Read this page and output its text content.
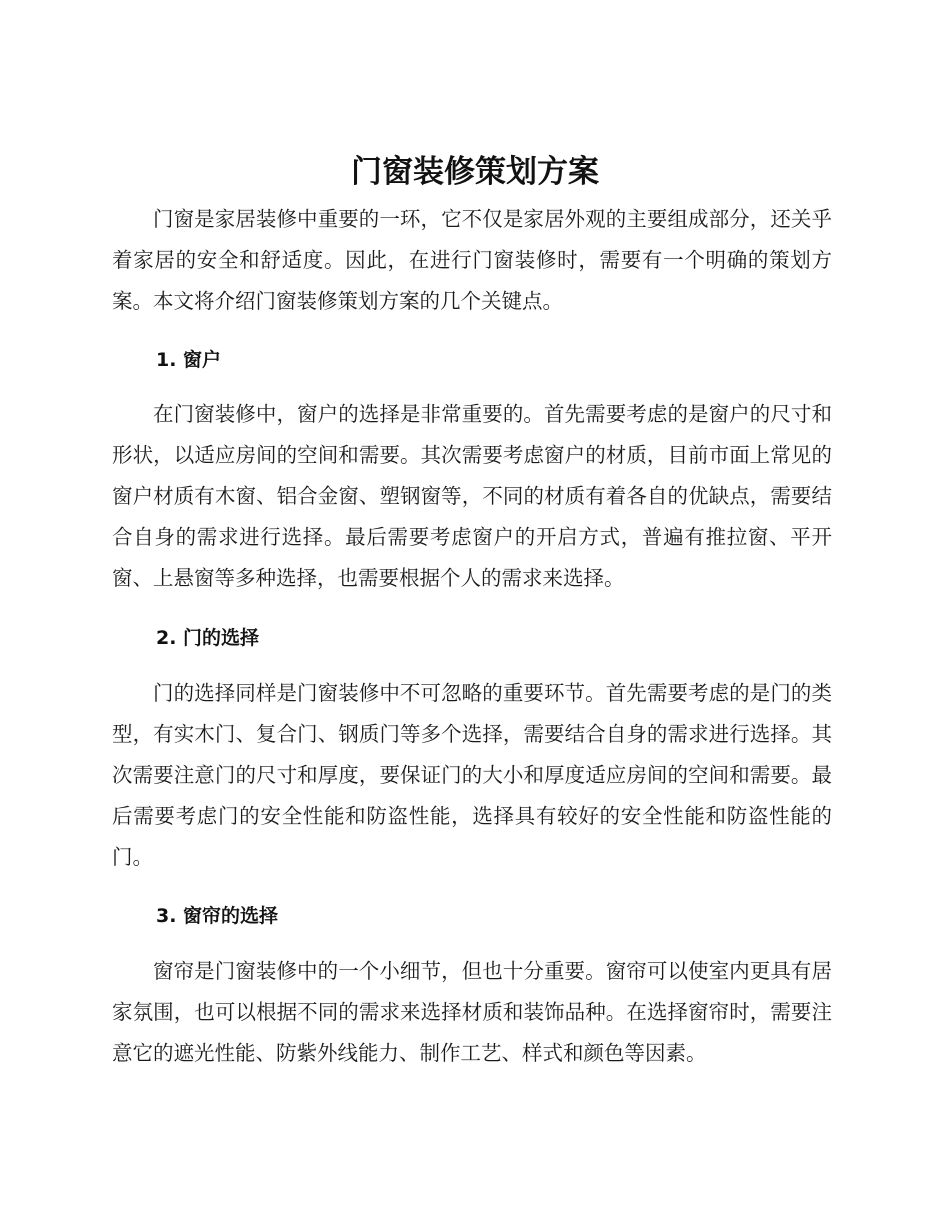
门窗装修策划方案

门窗是家居装修中重要的一环，它不仅是家居外观的主要组成部分，还关乎着家居的安全和舒适度。因此，在进行门窗装修时，需要有一个明确的策划方案。本文将介绍门窗装修策划方案的几个关键点。

1. 窗户

在门窗装修中，窗户的选择是非常重要的。首先需要考虑的是窗户的尺寸和形状，以适应房间的空间和需要。其次需要考虑窗户的材质，目前市面上常见的窗户材质有木窗、铝合金窗、塑钢窗等，不同的材质有着各自的优缺点，需要结合自身的需求进行选择。最后需要考虑窗户的开启方式，普遍有推拉窗、平开窗、上悬窗等多种选择，也需要根据个人的需求来选择。

2. 门的选择

门的选择同样是门窗装修中不可忽略的重要环节。首先需要考虑的是门的类型，有实木门、复合门、钢质门等多个选择，需要结合自身的需求进行选择。其次需要注意门的尺寸和厚度，要保证门的大小和厚度适应房间的空间和需要。最后需要考虑门的安全性能和防盗性能，选择具有较好的安全性能和防盗性能的门。

3. 窗帘的选择

窗帘是门窗装修中的一个小细节，但也十分重要。窗帘可以使室内更具有居家氛围，也可以根据不同的需求来选择材质和装饰品种。在选择窗帘时，需要注意它的遮光性能、防紫外线能力、制作工艺、样式和颜色等因素。
